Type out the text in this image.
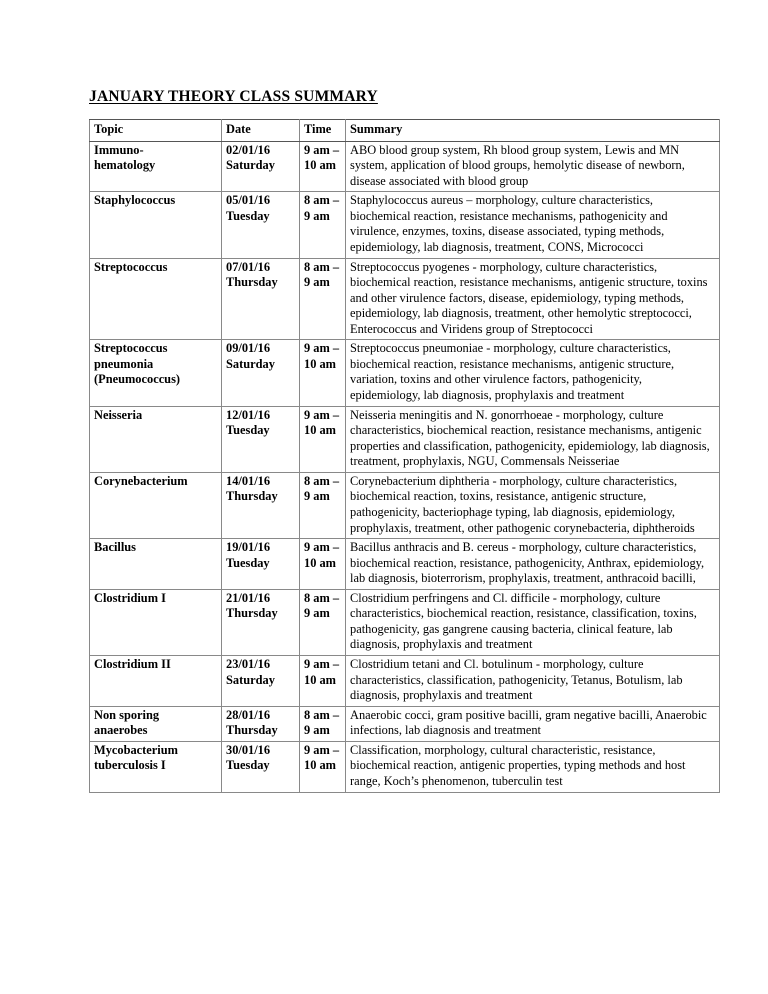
JANUARY THEORY CLASS SUMMARY
Topic	Date	Time	Summary

Immuno-
hematology	02/01/16
Saturday	9 am –
10 am	ABO blood group system, Rh blood group system, Lewis and MN system, application of blood groups, hemolytic disease of newborn, disease associated with blood group

Staphylococcus	05/01/16
Tuesday	8 am –
9 am	Staphylococcus aureus – morphology, culture characteristics, biochemical reaction, resistance mechanisms, pathogenicity and virulence, enzymes, toxins, disease associated, typing methods, epidemiology, lab diagnosis, treatment, CONS, Micrococci

Streptococcus	07/01/16
Thursday	8 am –
9 am	Streptococcus pyogenes - morphology, culture characteristics, biochemical reaction, resistance mechanisms, antigenic structure, toxins and other virulence factors, disease, epidemiology, typing methods, epidemiology, lab diagnosis, treatment, other hemolytic streptococci, Enterococcus and Viridens group of Streptococci

Streptococcus
pneumonia
(Pneumococcus)
	09/01/16
Saturday
	9 am –
10 am
	Streptococcus pneumoniae - morphology, culture characteristics, biochemical reaction, resistance mechanisms, antigenic structure, variation, toxins and other virulence factors, pathogenicity, epidemiology, lab diagnosis, prophylaxis and treatment

Neisseria	12/01/16
Tuesday	9 am –
10 am	Neisseria meningitis and N. gonorrhoeae - morphology, culture characteristics, biochemical reaction, resistance mechanisms, antigenic properties and classification, pathogenicity, epidemiology, lab diagnosis, treatment, prophylaxis, NGU, Commensals Neisseriae

Corynebacterium	14/01/16
Thursday	8 am –
9 am	Corynebacterium diphtheria - morphology, culture characteristics, biochemical reaction, toxins, resistance, antigenic structure, pathogenicity, bacteriophage typing, lab diagnosis, epidemiology, prophylaxis, treatment, other pathogenic corynebacteria, diphtheroids

Bacillus	19/01/16
Tuesday	9 am –
10 am	Bacillus anthracis and B. cereus - morphology, culture characteristics, biochemical reaction, resistance, pathogenicity, Anthrax, epidemiology, lab diagnosis, bioterrorism, prophylaxis, treatment, anthracoid bacilli,

Clostridium I	21/01/16
Thursday	8 am –
9 am	Clostridium perfringens and Cl. difficile - morphology, culture characteristics, biochemical reaction, resistance, classification, toxins, pathogenicity, gas gangrene causing bacteria, clinical feature, lab diagnosis, prophylaxis and treatment

Clostridium II	23/01/16
Saturday	9 am –
10 am	Clostridium tetani and Cl. botulinum - morphology, culture characteristics, classification, pathogenicity, Tetanus, Botulism, lab diagnosis, prophylaxis and treatment

Non sporing
anaerobes	28/01/16
Thursday	8 am –
9 am	Anaerobic cocci, gram positive bacilli, gram negative bacilli, Anaerobic
infections, lab diagnosis and treatment

Mycobacterium
tuberculosis I	30/01/16
Tuesday	9 am –
10 am	Classification, morphology, cultural characteristic, resistance, biochemical reaction, antigenic properties, typing methods and host range, Koch’s phenomenon, tuberculin test
